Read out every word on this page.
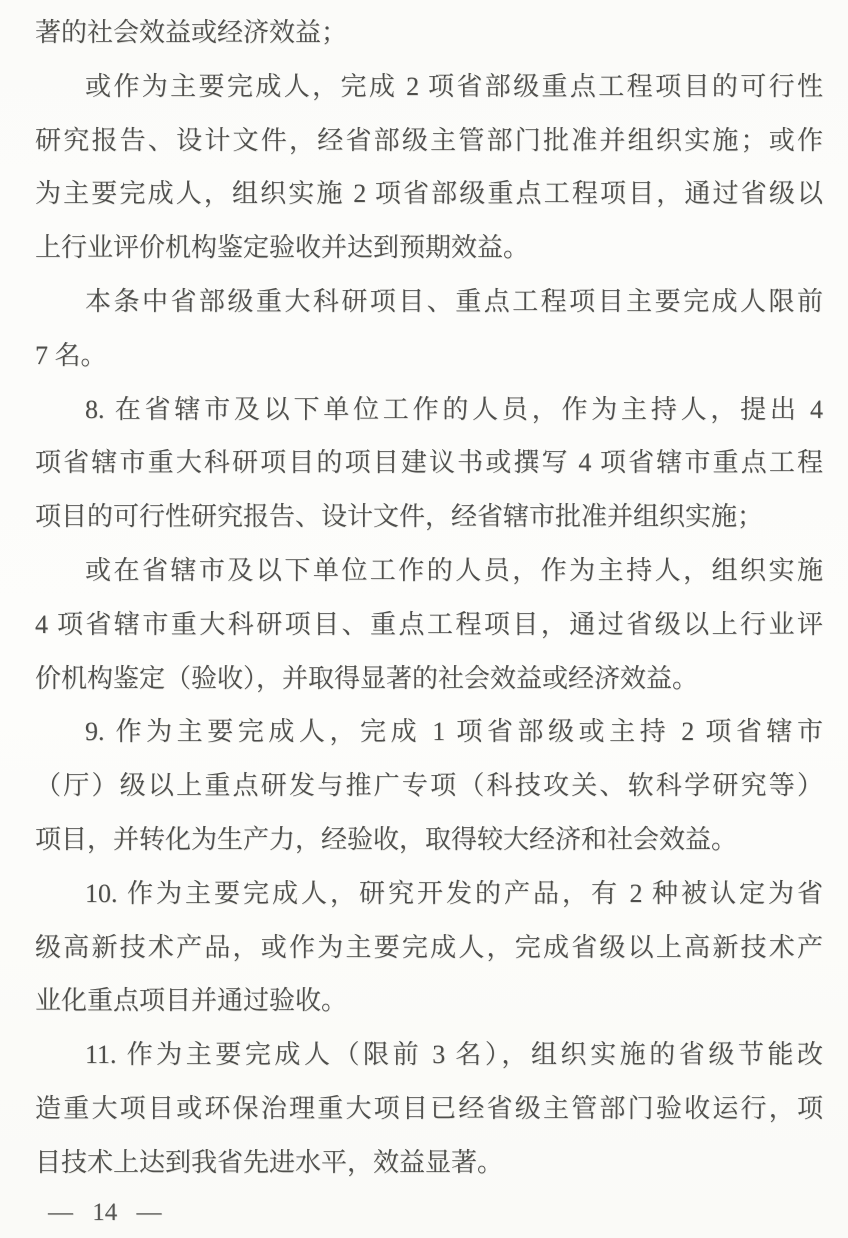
著的社会效益或经济效益；
或作为主要完成人，完成 2 项省部级重点工程项目的可行性
研究报告、设计文件，经省部级主管部门批准并组织实施；或作
为主要完成人，组织实施 2 项省部级重点工程项目，通过省级以
上行业评价机构鉴定验收并达到预期效益。
本条中省部级重大科研项目、重点工程项目主要完成人限前
7 名。
8. 在省辖市及以下单位工作的人员，作为主持人，提出 4
项省辖市重大科研项目的项目建议书或撰写 4 项省辖市重点工程
项目的可行性研究报告、设计文件，经省辖市批准并组织实施；
或在省辖市及以下单位工作的人员，作为主持人，组织实施
4 项省辖市重大科研项目、重点工程项目，通过省级以上行业评
价机构鉴定（验收），并取得显著的社会效益或经济效益。
9. 作为主要完成人，完成 1 项省部级或主持 2 项省辖市
（厅）级以上重点研发与推广专项（科技攻关、软科学研究等）
项目，并转化为生产力，经验收，取得较大经济和社会效益。
10. 作为主要完成人，研究开发的产品，有 2 种被认定为省
级高新技术产品，或作为主要完成人，完成省级以上高新技术产
业化重点项目并通过验收。
11. 作为主要完成人（限前 3 名），组织实施的省级节能改
造重大项目或环保治理重大项目已经省级主管部门验收运行，项
目技术上达到我省先进水平，效益显著。
— 14 —
